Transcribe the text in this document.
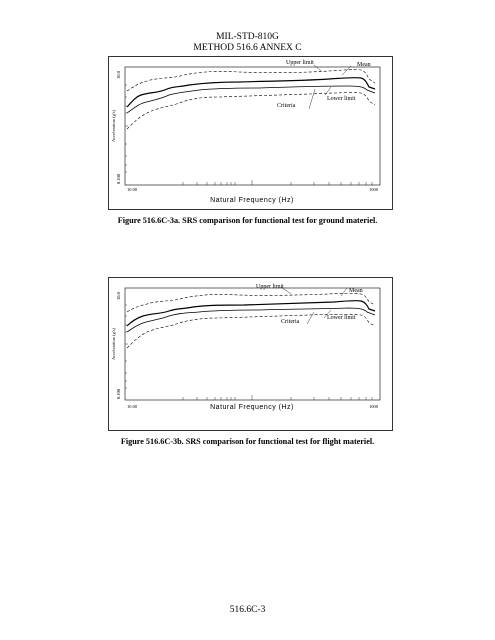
MIL-STD-810G
METHOD 516.6 ANNEX C
Upper limit	Mean
Criteria
Lower limit
10.0
0.100
Acceleration (g's)
10.00	1000
Natural Frequency (Hz)
Figure 516.6C-3a. SRS comparison for functional test for ground materiel.
Upper limit
Mean
Criteria
Lower limit
10.0
0.100
Acceleration (g's)
10.00	1000
Natural Frequency (Hz)
Figure 516.6C-3b. SRS comparison for functional test for flight materiel.
516.6C-3
